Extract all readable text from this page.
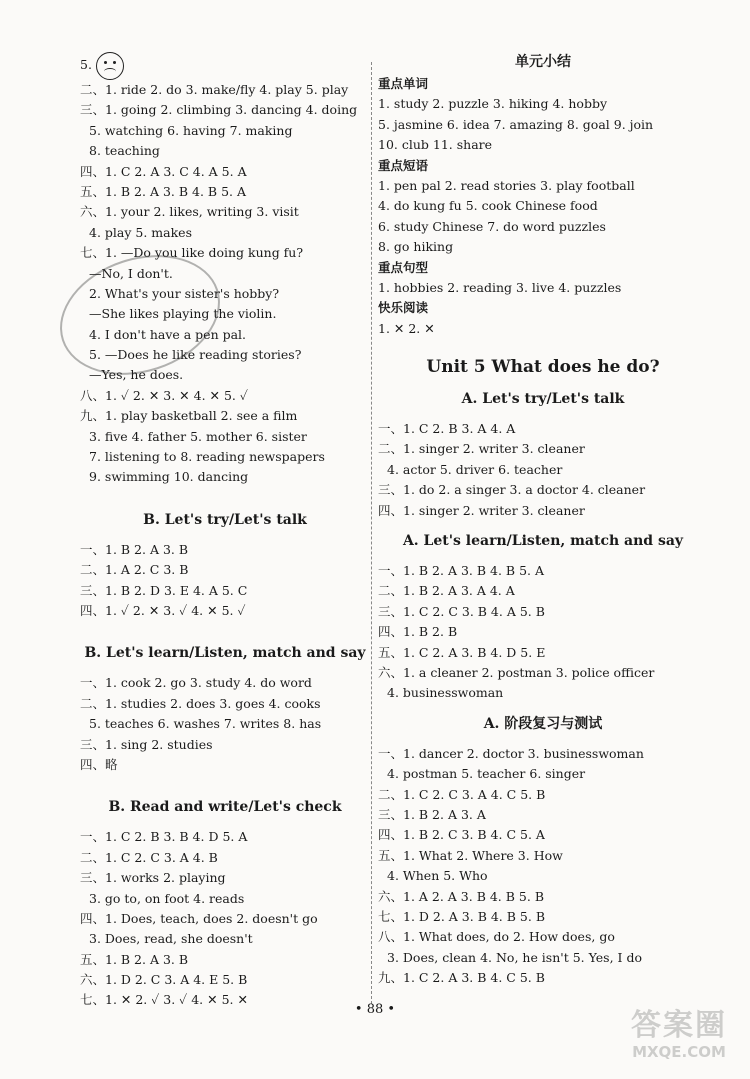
5.
二、1. ride 2. do 3. make/fly 4. play 5. play
三、1. going 2. climbing 3. dancing 4. doing
5. watching 6. having 7. making
8. teaching
四、1. C 2. A 3. C 4. A 5. A
五、1. B 2. A 3. B 4. B 5. A
六、1. your 2. likes, writing 3. visit
4. play 5. makes
七、1. —Do you like doing kung fu?
—No, I don't.
2. What's your sister's hobby?
—She likes playing the violin.
4. I don't have a pen pal.
5. —Does he like reading stories?
—Yes, he does.
八、1. ✓ 2. ✕ 3. ✕ 4. ✕ 5. ✓
九、1. play basketball 2. see a film
3. five 4. father 5. mother 6. sister
7. listening to 8. reading newspapers
9. swimming 10. dancing
B. Let's try/Let's talk
一、1. B 2. A 3. B
二、1. A 2. C 3. B
三、1. B 2. D 3. E 4. A 5. C
四、1. ✓ 2. ✕ 3. ✓ 4. ✕ 5. ✓
B. Let's learn/Listen, match and say
一、1. cook 2. go 3. study 4. do word
二、1. studies 2. does 3. goes 4. cooks
5. teaches 6. washes 7. writes 8. has
三、1. sing 2. studies
四、略
B. Read and write/Let's check
一、1. C 2. B 3. B 4. D 5. A
二、1. C 2. C 3. A 4. B
三、1. works 2. playing
3. go to, on foot 4. reads
四、1. Does, teach, does 2. doesn't go
3. Does, read, she doesn't
五、1. B 2. A 3. B
六、1. D 2. C 3. A 4. E 5. B
七、1. ✕ 2. ✓ 3. ✓ 4. ✕ 5. ✕
单元小结
重点单词
1. study 2. puzzle 3. hiking 4. hobby
5. jasmine 6. idea 7. amazing 8. goal 9. join
10. club 11. share
重点短语
1. pen pal 2. read stories 3. play football
4. do kung fu 5. cook Chinese food
6. study Chinese 7. do word puzzles
8. go hiking
重点句型
1. hobbies 2. reading 3. live 4. puzzles
快乐阅读
1. ✕ 2. ✕
Unit 5 What does he do?
A. Let's try/Let's talk
一、1. C 2. B 3. A 4. A
二、1. singer 2. writer 3. cleaner
4. actor 5. driver 6. teacher
三、1. do 2. a singer 3. a doctor 4. cleaner
四、1. singer 2. writer 3. cleaner
A. Let's learn/Listen, match and say
一、1. B 2. A 3. B 4. B 5. A
二、1. B 2. A 3. A 4. A
三、1. C 2. C 3. B 4. A 5. B
四、1. B 2. B
五、1. C 2. A 3. B 4. D 5. E
六、1. a cleaner 2. postman 3. police officer
4. businesswoman
A. 阶段复习与测试
一、1. dancer 2. doctor 3. businesswoman
4. postman 5. teacher 6. singer
二、1. C 2. C 3. A 4. C 5. B
三、1. B 2. A 3. A
四、1. B 2. C 3. B 4. C 5. A
五、1. What 2. Where 3. How
4. When 5. Who
六、1. A 2. A 3. B 4. B 5. B
七、1. D 2. A 3. B 4. B 5. B
八、1. What does, do 2. How does, go
3. Does, clean 4. No, he isn't 5. Yes, I do
九、1. C 2. A 3. B 4. C 5. B
• 88 •	答案圈
MXQE.COM
